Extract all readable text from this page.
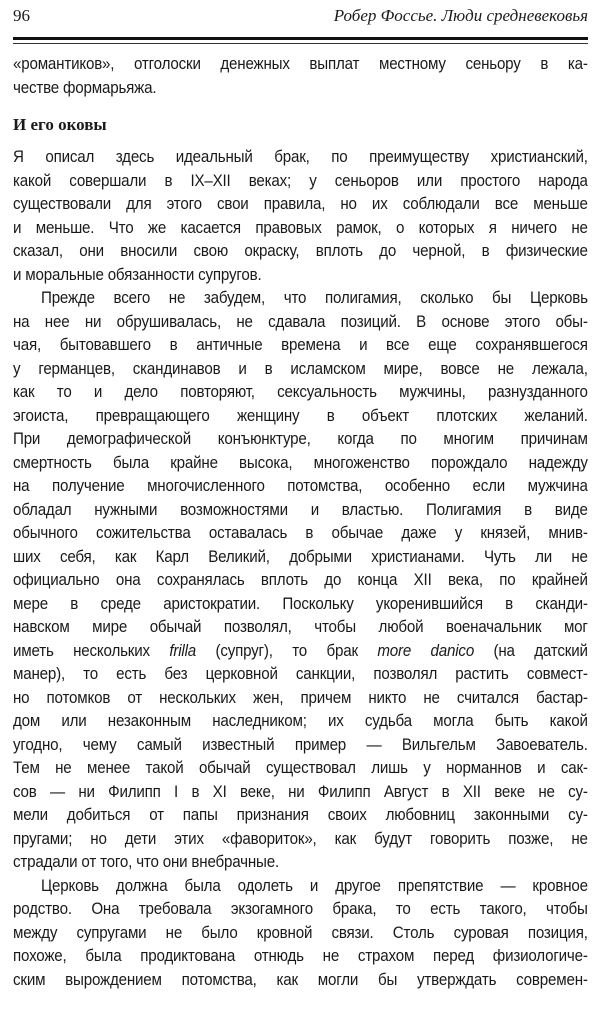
96	Робер Фоссье. Люди средневековья
И его оковы
«романтиков», отголоски денежных выплат местному сеньору в ка-
честве формарьяжа.
Я описал здесь идеальный брак, по преимуществу христианский,
какой совершали в IX–XII веках; у сеньоров или простого народа
существовали для этого свои правила, но их соблюдали все меньше
и меньше. Что же касается правовых рамок, о которых я ничего не
сказал, они вносили свою окраску, вплоть до черной, в физические
и моральные обязанности супругов.
Прежде всего не забудем, что полигамия, сколько бы Церковь
на нее ни обрушивалась, не сдавала позиций. В основе этого обы-
чая, бытовавшего в античные времена и все еще сохранявшегося
у германцев, скандинавов и в исламском мире, вовсе не лежала,
как то и дело повторяют, сексуальность мужчины, разнузданного
эгоиста, превращающего женщину в объект плотских желаний.
При демографической конъюнктуре, когда по многим причинам
смертность была крайне высока, многоженство порождало надежду
на получение многочисленного потомства, особенно если мужчина
обладал нужными возможностями и властью. Полигамия в виде
обычного сожительства оставалась в обычае даже у князей, мнив-
ших себя, как Карл Великий, добрыми христианами. Чуть ли не
официально она сохранялась вплоть до конца XII века, по крайней
мере в среде аристократии. Поскольку укоренившийся в сканди-
навском мире обычай позволял, чтобы любой военачальник мог
иметь нескольких frilla (супруг), то брак more danico (на датский
манер), то есть без церковной санкции, позволял растить совмест-
но потомков от нескольких жен, причем никто не считался бастар-
дом или незаконным наследником; их судьба могла быть какой
угодно, чему самый известный пример — Вильгельм Завоеватель.
Тем не менее такой обычай существовал лишь у норманнов и сак-
сов — ни Филипп I в XI веке, ни Филипп Август в XII веке не су-
мели добиться от папы признания своих любовниц законными су-
пругами; но дети этих «фавориток», как будут говорить позже, не
страдали от того, что они внебрачные.
Церковь должна была одолеть и другое препятствие — кровное
родство. Она требовала экзогамного брака, то есть такого, чтобы
между супругами не было кровной связи. Столь суровая позиция,
похоже, была продиктована отнюдь не страхом перед физиологиче-
ским вырождением потомства, как могли бы утверждать современ-
